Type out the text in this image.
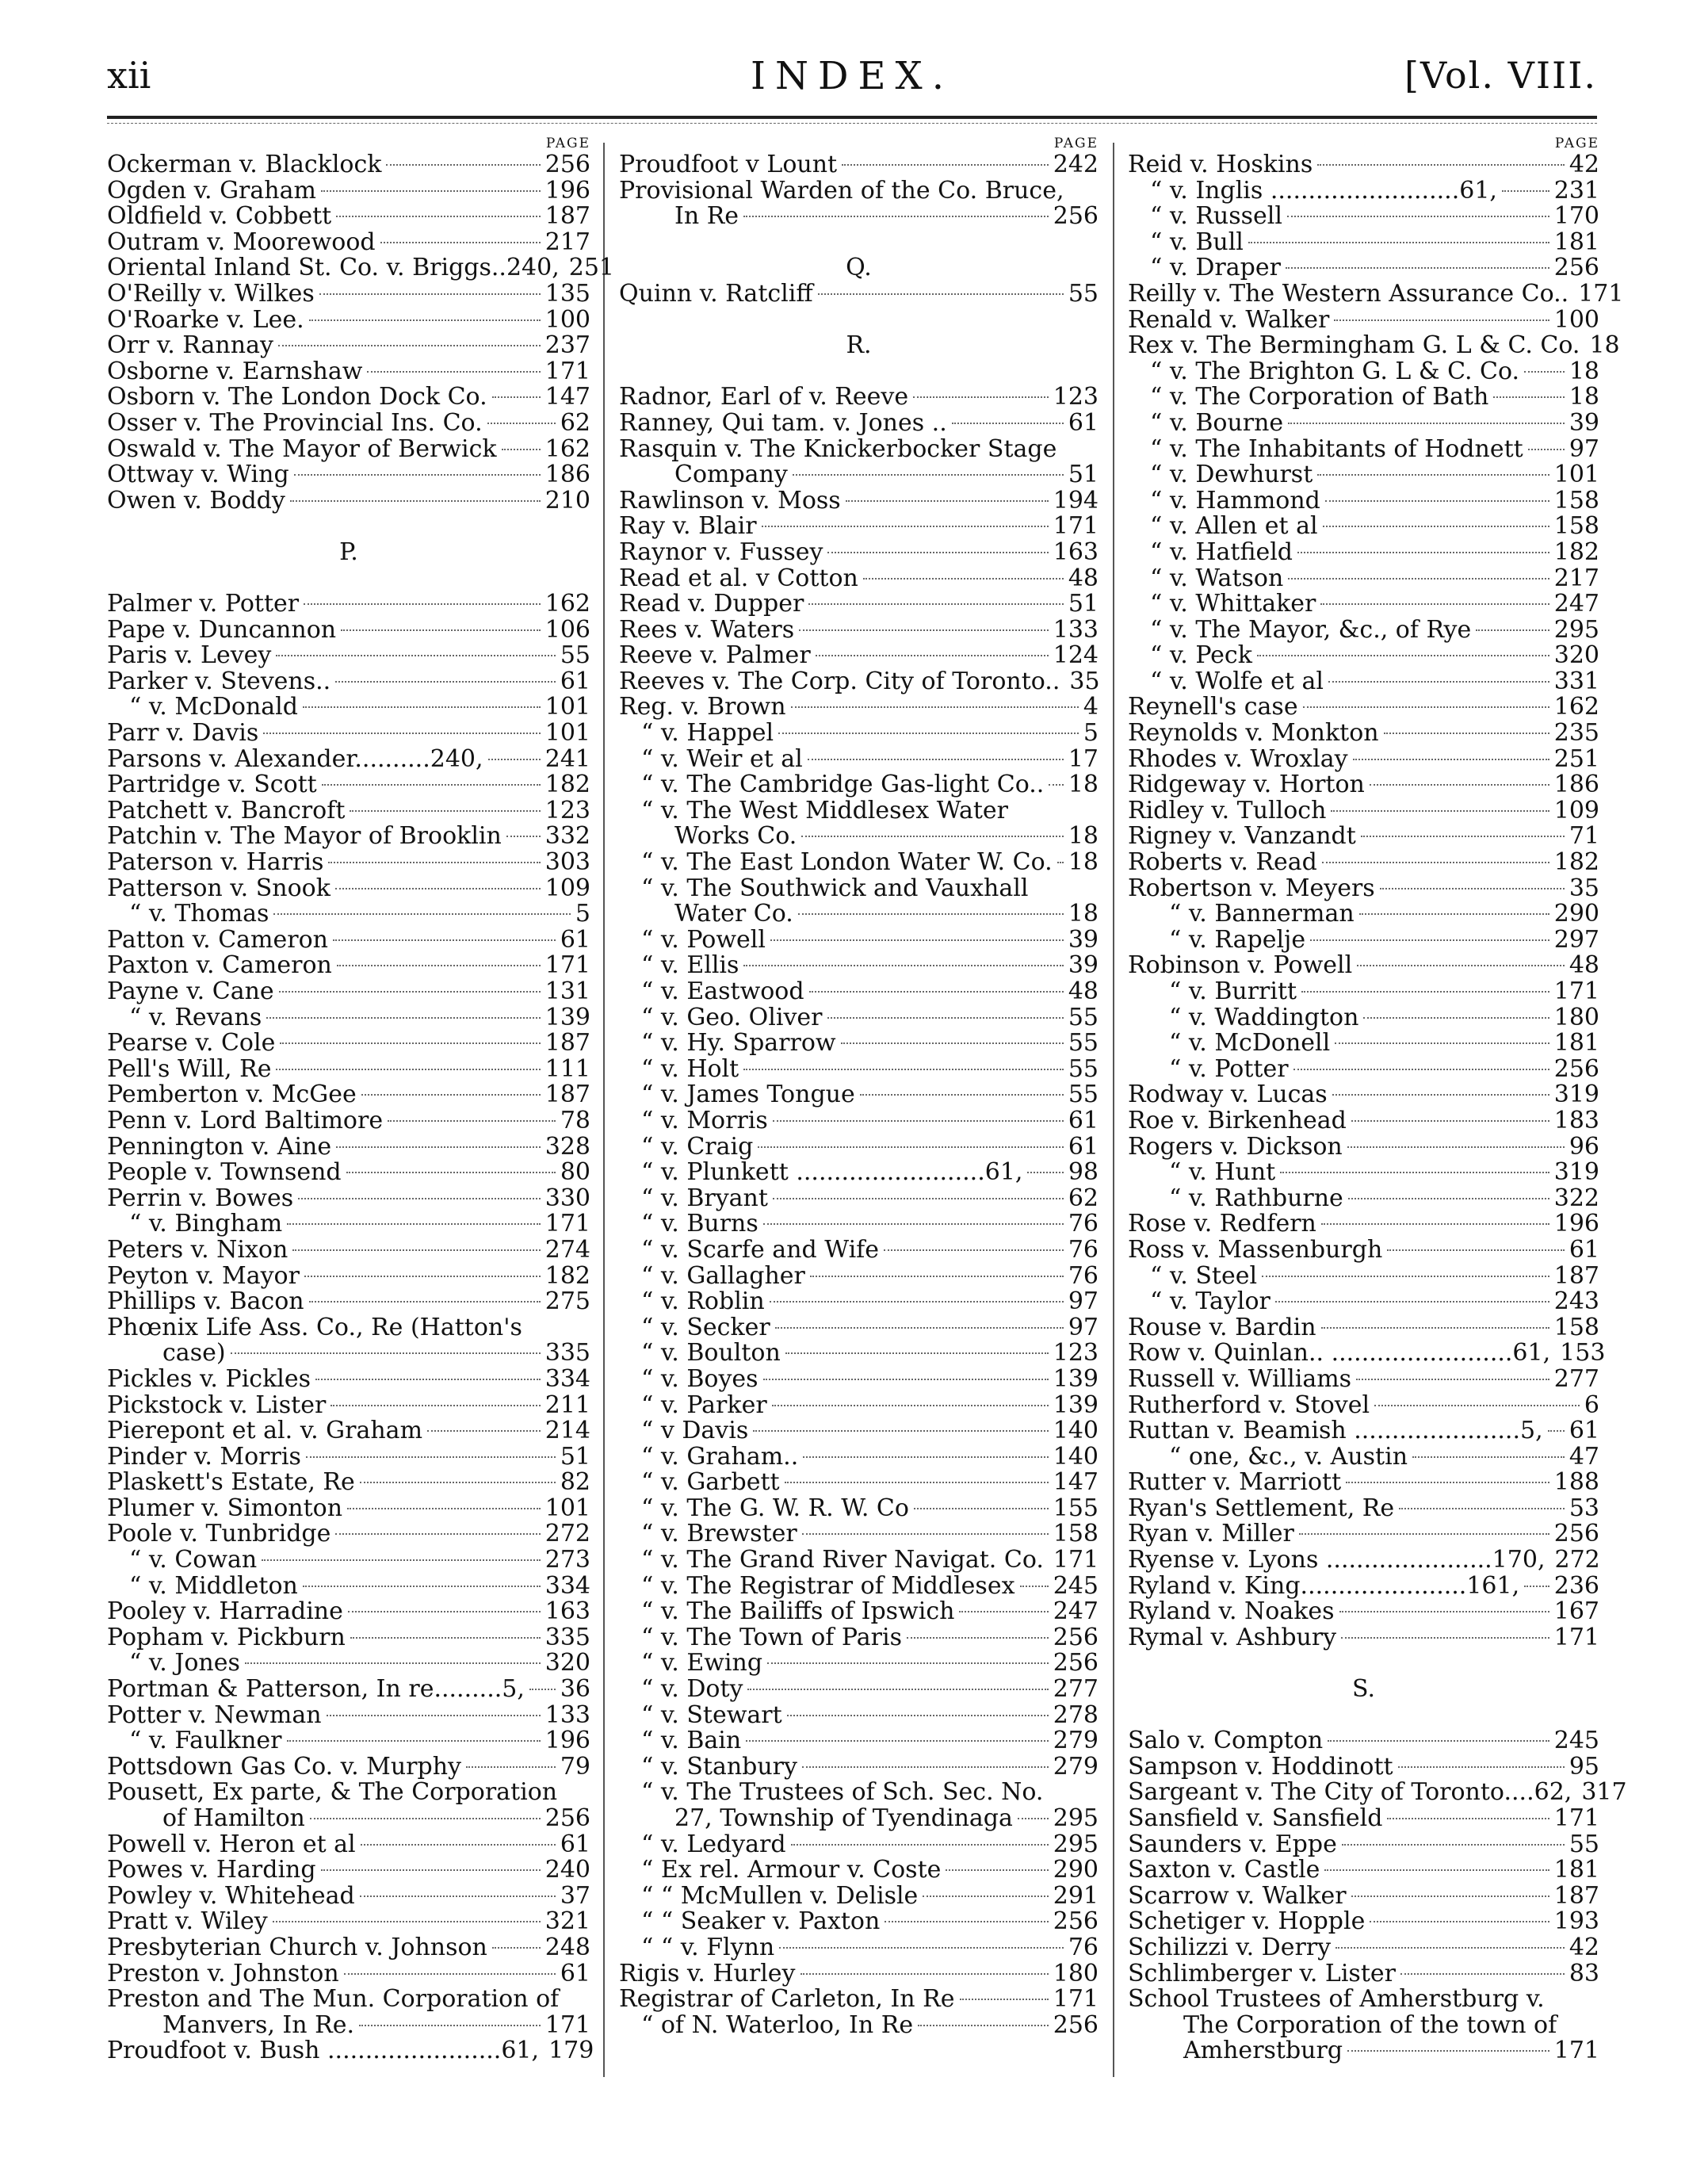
xii	INDEX.	[Vol. VIII.
PAGE
Ockerman v. Blacklock	256
Ogden v. Graham	196
Oldfield v. Cobbett	187
Outram v. Moorewood	217
Oriental Inland St. Co. v. Briggs..240, 251
O'Reilly v. Wilkes	135
O'Roarke v. Lee.	100
Orr v. Rannay	237
Osborne v. Earnshaw	171
Osborn v. The London Dock Co. 147
Osser v. The Provincial Ins. Co.	62
Oswald v. The Mayor of Berwick 162
Ottway v. Wing	186
Owen v. Boddy	210
P.
Palmer v. Potter	162
Pape v. Duncannon	106
Paris v. Levey	55
Parker v. Stevens..	61
“ v. McDonald	101
Parr v. Davis	101
Parsons v. Alexander..........240,	241
Partridge v. Scott	182
Patchett v. Bancroft	123
Patchin v. The Mayor of Brooklin 332
Paterson v. Harris	303
Patterson v. Snook	109
“ v. Thomas	5
Patton v. Cameron	61
Paxton v. Cameron	171
Payne v. Cane	131
“ v. Revans	139
Pearse v. Cole	187
Pell's Will, Re	111
Pemberton v. McGee	187
Penn v. Lord Baltimore	78
Pennington v. Aine	328
People v. Townsend	80
Perrin v. Bowes	330
“ v. Bingham	171
Peters v. Nixon	274
Peyton v. Mayor	182
Phillips v. Bacon	275
Phœnix Life Ass. Co., Re (Hatton's
case)	335
Pickles v. Pickles	334
Pickstock v. Lister	211
Pierepont et al. v. Graham	214
Pinder v. Morris	51
Plaskett's Estate, Re	82
Plumer v. Simonton	101
Poole v. Tunbridge	272
“ v. Cowan	273
“ v. Middleton	334
Pooley v. Harradine	163
Popham v. Pickburn	335
“ v. Jones	320
Portman & Patterson, In re.........5, 36
Potter v. Newman	133
“ v. Faulkner	196
Pottsdown Gas Co. v. Murphy	79
Pousett, Ex parte, & The Corporation
of Hamilton	256
Powell v. Heron et al	61
Powes v. Harding	240
Powley v. Whitehead	37
Pratt v. Wiley	321
Presbyterian Church v. Johnson 248
Preston v. Johnston	61
Preston and The Mun. Corporation of
Manvers, In Re.	171
Proudfoot v. Bush .......................61, 179
PAGE
Proudfoot v Lount	242
Provisional Warden of the Co. Bruce,
In Re	256
Q.
Quinn v. Ratcliff	55
R.
Radnor, Earl of v. Reeve	123
Ranney, Qui tam. v. Jones ..	61
Rasquin v. The Knickerbocker Stage
Company	51
Rawlinson v. Moss	194
Ray v. Blair	171
Raynor v. Fussey	163
Read et al. v Cotton	48
Read v. Dupper	51
Rees v. Waters	133
Reeve v. Palmer	124
Reeves v. The Corp. City of Toronto.. 35
Reg. v. Brown	4
“ v. Happel	5
“ v. Weir et al	17
“ v. The Cambridge Gas-light Co.. 18
“ v. The West Middlesex Water
Works Co.	18
“ v. The East London Water W. Co. 18
“ v. The Southwick and Vauxhall
Water Co.	18
“ v. Powell	39
“ v. Ellis	39
“ v. Eastwood	48
“ v. Geo. Oliver	55
“ v. Hy. Sparrow	55
“ v. Holt	55
“ v. James Tongue	55
“ v. Morris	61
“ v. Craig	61
“ v. Plunkett .........................61, 98
“ v. Bryant	62
“ v. Burns	76
“ v. Scarfe and Wife	76
“ v. Gallagher	76
“ v. Roblin	97
“ v. Secker	97
“ v. Boulton	123
“ v. Boyes	139
“ v. Parker	139
“ v Davis	140
“ v. Graham..	140
“ v. Garbett	147
“ v. The G. W. R. W. Co	155
“ v. Brewster	158
“ v. The Grand River Navigat. Co. 171
“ v. The Registrar of Middlesex 245
“ v. The Bailiffs of Ipswich	247
“ v. The Town of Paris	256
“ v. Ewing	256
“ v. Doty	277
“ v. Stewart	278
“ v. Bain	279
“ v. Stanbury	279
“ v. The Trustees of Sch. Sec. No.
27, Township of Tyendinaga 295
“ v. Ledyard	295
“ Ex rel. Armour v. Coste	290
“ “ McMullen v. Delisle	291
“ “ Seaker v. Paxton	256
“ “ v. Flynn	76
Rigis v. Hurley	180
Registrar of Carleton, In Re	171
“ of N. Waterloo, In Re	256
PAGE
Reid v. Hoskins	42
“ v. Inglis .........................61, 231
“ v. Russell	170
“ v. Bull	181
“ v. Draper	256
Reilly v. The Western Assurance Co.. 171
Renald v. Walker	100
Rex v. The Bermingham G. L & C. Co. 18
“ v. The Brighton G. L & C. Co. 18
“ v. The Corporation of Bath	18
“ v. Bourne	39
“ v. The Inhabitants of Hodnett 97
“ v. Dewhurst	101
“ v. Hammond	158
“ v. Allen et al	158
“ v. Hatfield	182
“ v. Watson	217
“ v. Whittaker	247
“ v. The Mayor, &c., of Rye	295
“ v. Peck	320
“ v. Wolfe et al	331
Reynell's case	162
Reynolds v. Monkton	235
Rhodes v. Wroxlay	251
Ridgeway v. Horton	186
Ridley v. Tulloch	109
Rigney v. Vanzandt	71
Roberts v. Read	182
Robertson v. Meyers	35
“ v. Bannerman	290
“ v. Rapelje	297
Robinson v. Powell	48
“ v. Burritt	171
“ v. Waddington	180
“ v. McDonell	181
“ v. Potter	256
Rodway v. Lucas	319
Roe v. Birkenhead	183
Rogers v. Dickson	96
“ v. Hunt	319
“ v. Rathburne	322
Rose v. Redfern	196
Ross v. Massenburgh	61
“ v. Steel	187
“ v. Taylor	243
Rouse v. Bardin	158
Row v. Quinlan.. ........................61, 153
Russell v. Williams	277
Rutherford v. Stovel	6
Ruttan v. Beamish ......................5, 61
“ one, &c., v. Austin	47
Rutter v. Marriott	188
Ryan's Settlement, Re	53
Ryan v. Miller	256
Ryense v. Lyons ......................170, 272
Ryland v. King......................161, 236
Ryland v. Noakes	167
Rymal v. Ashbury	171
S.
Salo v. Compton	245
Sampson v. Hoddinott	95
Sargeant v. The City of Toronto....62, 317
Sansfield v. Sansfield	171
Saunders v. Eppe	55
Saxton v. Castle	181
Scarrow v. Walker	187
Schetiger v. Hopple	193
Schilizzi v. Derry	42
Schlimberger v. Lister	83
School Trustees of Amherstburg v.
The Corporation of the town of
Amherstburg	171
